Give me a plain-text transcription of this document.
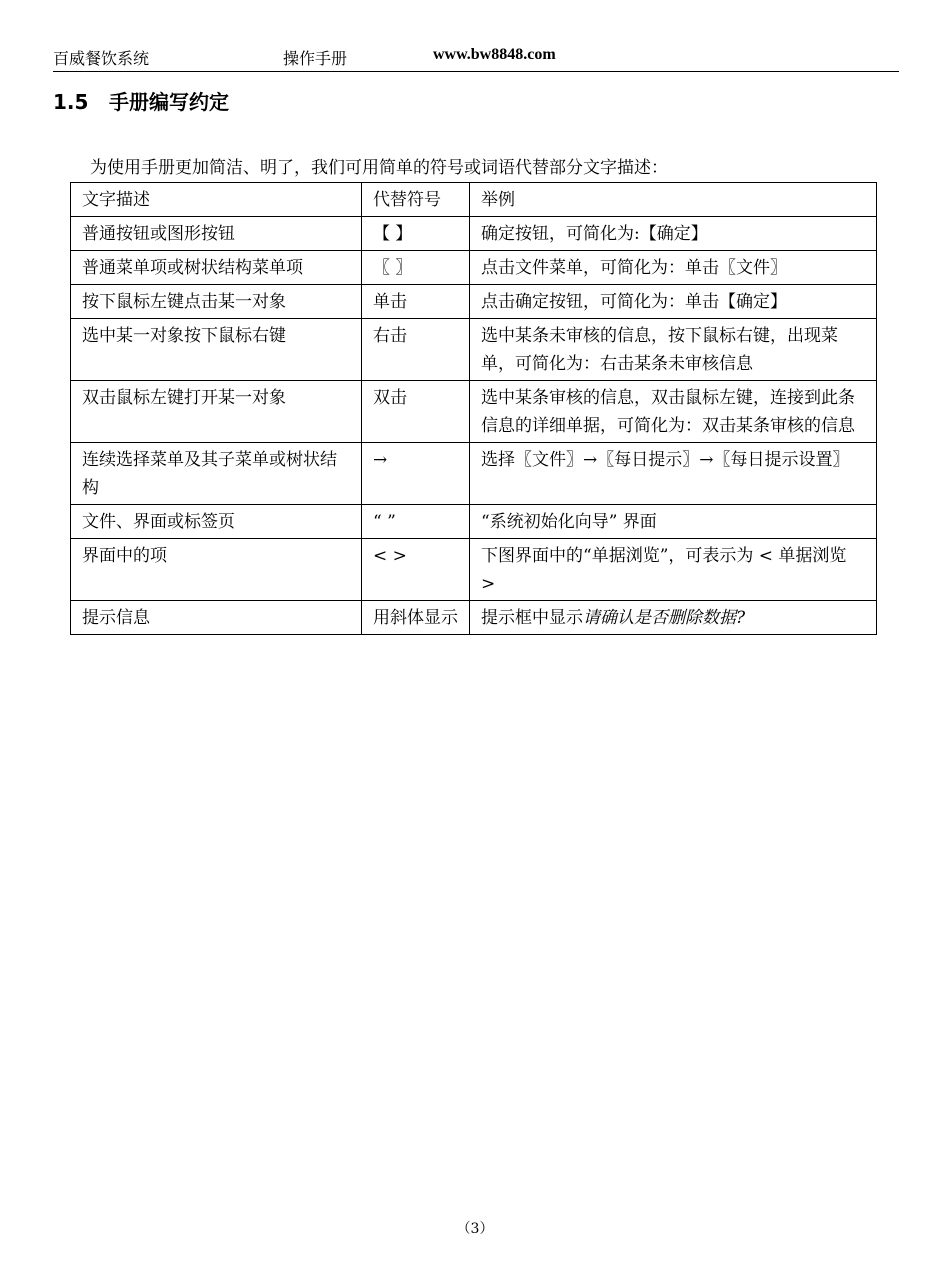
百威餐饮系统	操作手册	www.bw8848.com
1.5 手册编写约定
为使用手册更加简洁、明了，我们可用简单的符号或词语代替部分文字描述：
文字描述	代替符号	举例
普通按钮或图形按钮	【 】	确定按钮，可简化为:【确定】
普通菜单项或树状结构菜单项	〖 〗	点击文件菜单，可简化为：单击〖文件〗
按下鼠标左键点击某一对象	单击	点击确定按钮，可简化为：单击【确定】
选中某一对象按下鼠标右键	右击	选中某条未审核的信息，按下鼠标右键，出现菜单，可简化为：右击某条未审核信息
双击鼠标左键打开某一对象	双击	选中某条审核的信息，双击鼠标左键，连接到此条信息的详细单据，可简化为：双击某条审核的信息
连续选择菜单及其子菜单或树状结构	→	选择〖文件〗→〖每日提示〗→〖每日提示设置〗
文件、界面或标签页	“ ”	“系统初始化向导” 界面
界面中的项	< >	下图界面中的“单据浏览”，可表示为 < 单据浏览 >
提示信息	用斜体显示	提示框中显示请确认是否删除数据?
（3）
